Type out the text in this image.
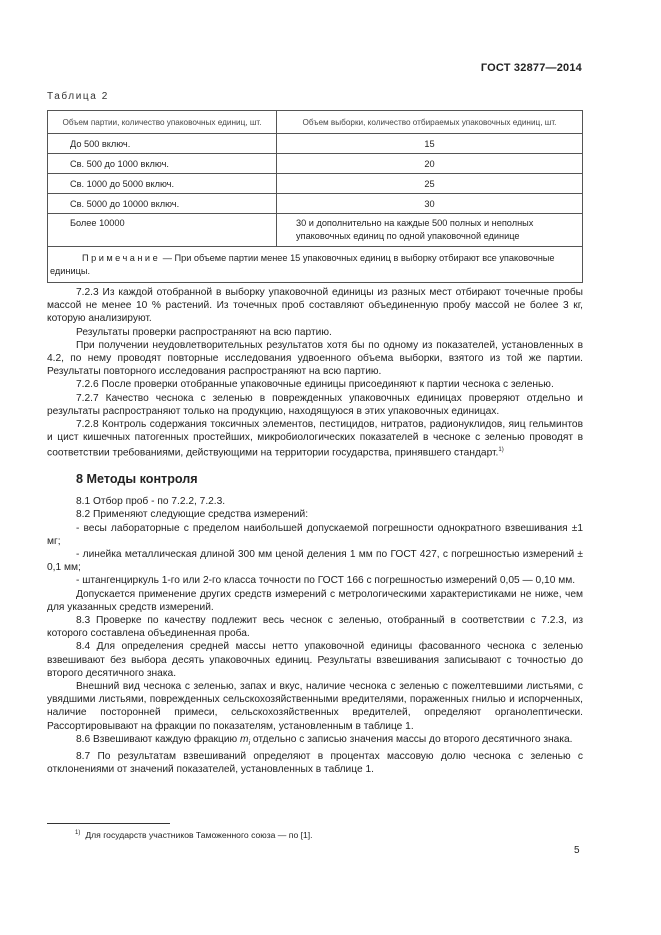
ГОСТ 32877—2014
Таблица 2
Объем партии, количество упаковочных единиц, шт.	Объем выборки, количество отбираемых упаковочных единиц, шт.
До 500 включ.	15
Св. 500 до 1000 включ.	20
Св. 1000 до 5000 включ.	25
Св. 5000 до 10000 включ.	30
Более 10000	30 и дополнительно на каждые 500 полных и неполных упаковочных единиц по одной упаковочной единице
Примечание — При объеме партии менее 15 упаковочных единиц в выборку отбирают все упаковочные единицы.	

7.2.3 Из каждой отобранной в выборку упаковочной единицы из разных мест отбирают точечные пробы массой не менее 10 % растений. Из точечных проб составляют объединенную пробу массой не более 3 кг, которую анализируют.

Результаты проверки распространяют на всю партию.

При получении неудовлетворительных результатов хотя бы по одному из показателей, установленных в 4.2, по нему проводят повторные исследования удвоенного объема выборки, взятого из той же партии. Результаты повторного исследования распространяют на всю партию.

7.2.6 После проверки отобранные упаковочные единицы присоединяют к партии чеснока с зеленью.

7.2.7 Качество чеснока с зеленью в поврежденных упаковочных единицах проверяют отдельно и результаты распространяют только на продукцию, находящуюся в этих упаковочных единицах.

7.2.8 Контроль содержания токсичных элементов, пестицидов, нитратов, радионуклидов, яиц гельминтов и цист кишечных патогенных простейших, микробиологических показателей в чесноке с зеленью проводят в соответствии требованиями, действующими на территории государства, принявшего стандарт.$^{1)}$

8 Методы контроля

8.1 Отбор проб - по 7.2.2, 7.2.3.

8.2 Применяют следующие средства измерений:

- весы лабораторные с пределом наибольшей допускаемой погрешности однократного взвешивания ±1 мг;

- линейка металлическая длиной 300 мм ценой деления 1 мм по ГОСТ 427, с погрешностью измерений ± 0,1 мм;

- штангенциркуль 1-го или 2-го класса точности по ГОСТ 166 с погрешностью измерений 0,05 — 0,10 мм.

Допускается применение других средств измерений с метрологическими характеристиками не ниже, чем для указанных средств измерений.

8.3 Проверке по качеству подлежит весь чеснок с зеленью, отобранный в соответствии с 7.2.3, из которого составлена объединенная проба.

8.4 Для определения средней массы нетто упаковочной единицы фасованного чеснока с зеленью взвешивают без выбора десять упаковочных единиц. Результаты взвешивания записывают с точностью до второго десятичного знака.

Внешний вид чеснока с зеленью, запах и вкус, наличие чеснока с зеленью с пожелтевшими листьями, с увядшими листьями, поврежденных сельскохозяйственными вредителями, пораженных гнилью и испорченных, наличие посторонней примеси, сельскохозяйственных вредителей, определяют органолептически. Рассортировывают на фракции по показателям, установленным в таблице 1.

8.6 Взвешивают каждую фракцию $m_i$ отдельно с записью значения массы до второго десятичного знака.

8.7 По результатам взвешиваний определяют в процентах массовую долю чеснока с зеленью с отклонениями от значений показателей, установленных в таблице 1.

$^{1)}$ Для государств участников Таможенного союза — по [1].
5
